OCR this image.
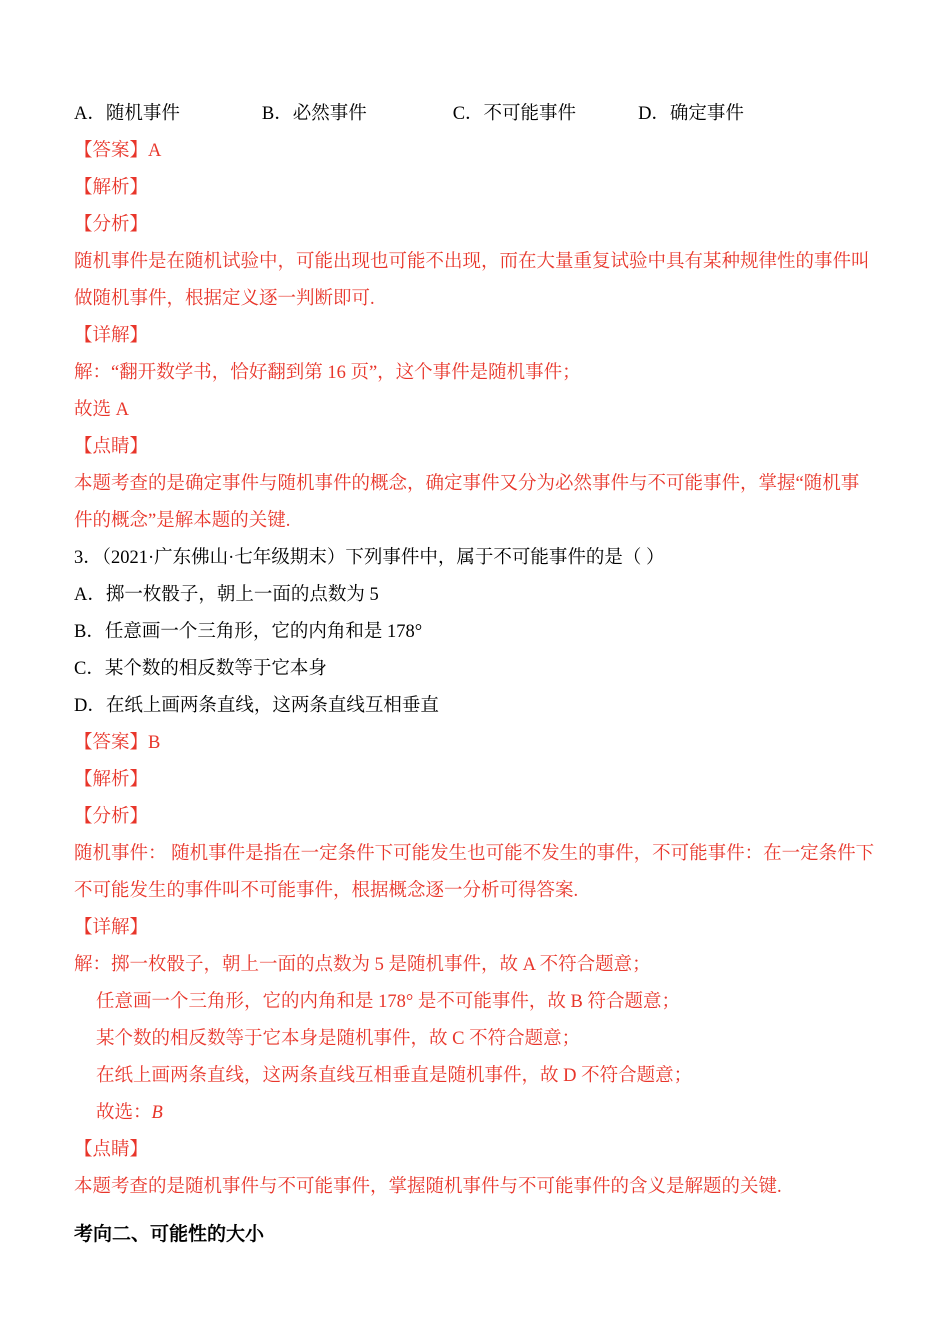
A．随机事件	B．必然事件	C．不可能事件	D．确定事件
【答案】A
【解析】
【分析】
随机事件是在随机试验中，可能出现也可能不出现，而在大量重复试验中具有某种规律性的事件叫做随机事件，根据定义逐一判断即可.
【详解】
解：“翻开数学书，恰好翻到第 16 页”，这个事件是随机事件；
故选 A
【点睛】
本题考查的是确定事件与随机事件的概念，确定事件又分为必然事件与不可能事件，掌握“随机事件的概念”是解本题的关键.
3．（2021·广东佛山·七年级期末）下列事件中，属于不可能事件的是（ ）
A．掷一枚骰子，朝上一面的点数为 5
B．任意画一个三角形，它的内角和是 178°
C．某个数的相反数等于它本身
D．在纸上画两条直线，这两条直线互相垂直
【答案】B
【解析】
【分析】
随机事件： 随机事件是指在一定条件下可能发生也可能不发生的事件，不可能事件：在一定条件下不可能发生的事件叫不可能事件，根据概念逐一分析可得答案.
【详解】
解：掷一枚骰子，朝上一面的点数为 5 是随机事件，故 A 不符合题意；
任意画一个三角形，它的内角和是 178° 是不可能事件，故 B 符合题意；
某个数的相反数等于它本身是随机事件，故 C 不符合题意；
在纸上画两条直线，这两条直线互相垂直是随机事件，故 D 不符合题意；
故选：B
【点睛】
本题考查的是随机事件与不可能事件，掌握随机事件与不可能事件的含义是解题的关键.
考向二、可能性的大小
